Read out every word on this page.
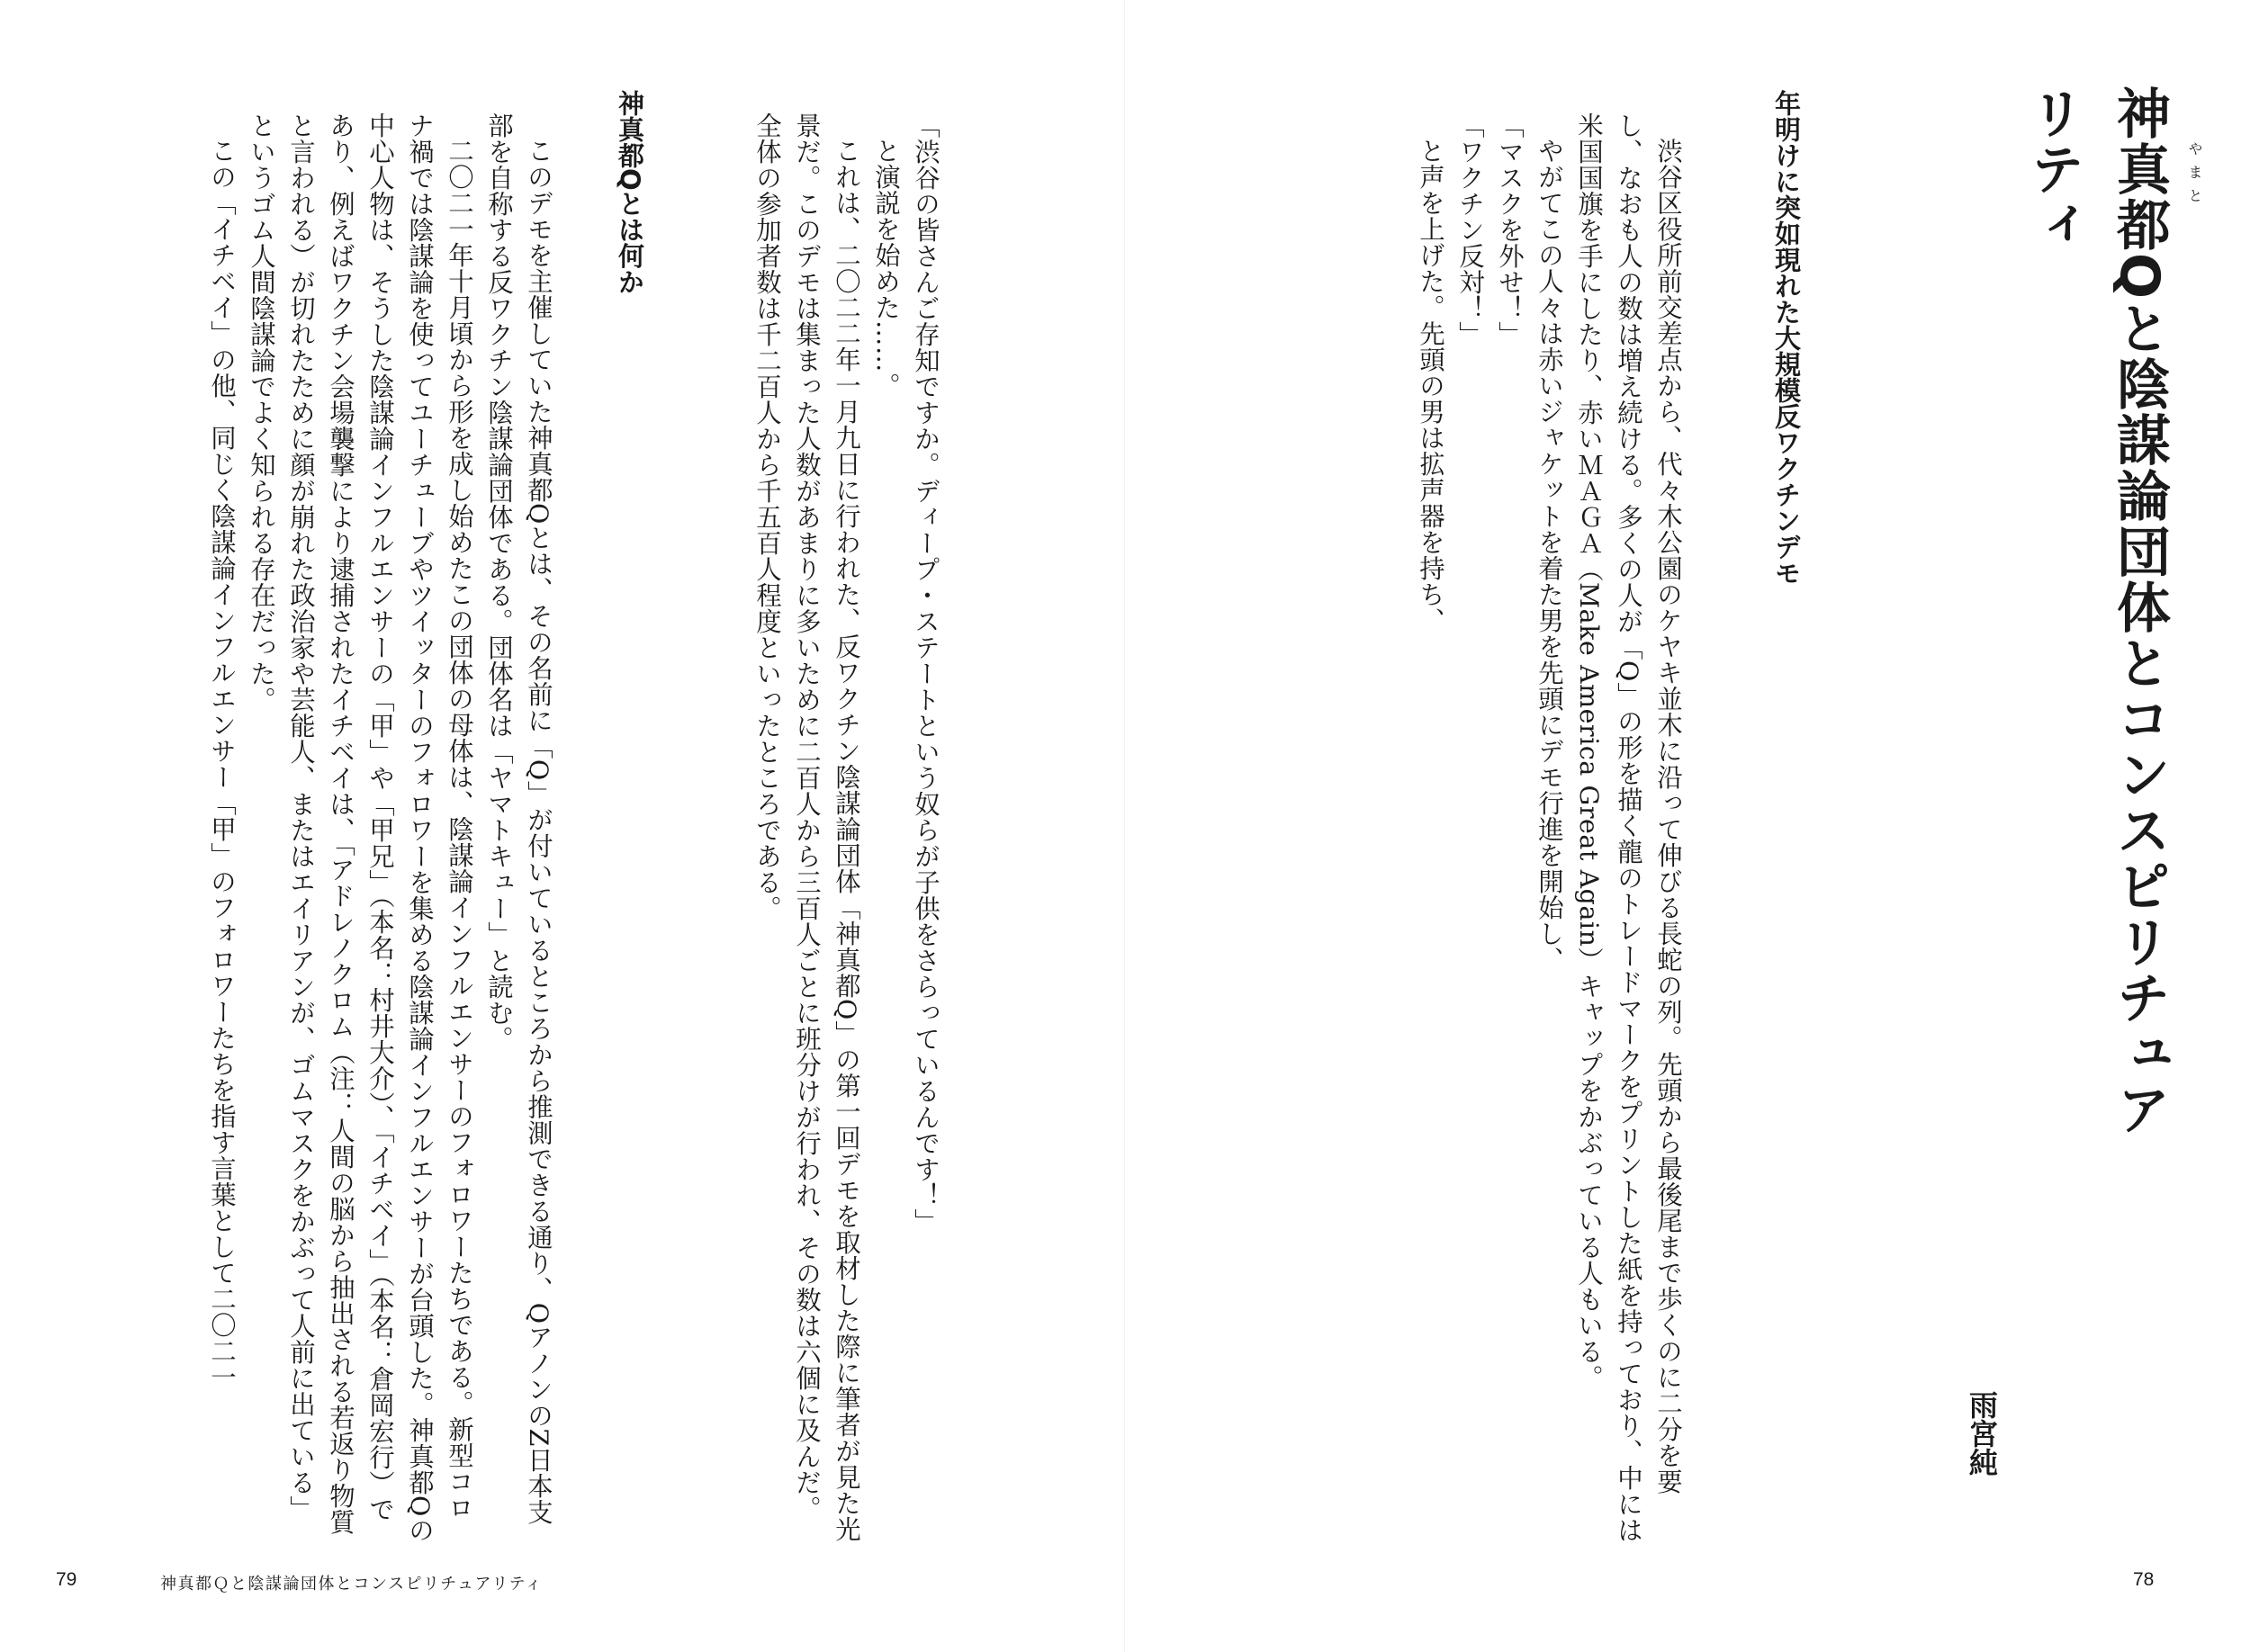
神真都 やまと
Qと陰謀論団体とコンスピリチュアリティ
雨宮純
年明けに突如現れた大規模反ワクチンデモ

渋谷区役所前交差点から、代々木公園のケヤキ並木に沿って伸びる長蛇の列。先頭から最後尾まで歩くのに二分を要し、なおも人の数は増え続ける。多くの人が「Q」の形を描く龍のトレードマークをプリントした紙を持っており、中には米国国旗を手にしたり、赤いＭＡＧＡ（Make America Great Again）キャップをかぶっている人もいる。

やがてこの人々は赤いジャケットを着た男を先頭にデモ行進を開始し、

「マスクを外せ！」

「ワクチン反対！」

と声を上げた。先頭の男は拡声器を持ち、

78

「渋谷の皆さんご存知ですか。ディープ・ステートという奴らが子供をさらっているんです！」

と演説を始めた……。

これは、二〇二二年一月九日に行われた、反ワクチン陰謀論団体「神真都Q」の第一回デモを取材した際に筆者が見た光景だ。このデモは集まった人数があまりに多いために二百人から三百人ごとに班分けが行われ、その数は六個に及んだ。全体の参加者数は千二百人から千五百人程度といったところである。

神真都Qとは何か

このデモを主催していた神真都Qとは、その名前に「Q」が付いているところから推測できる通り、QアノンのZ日本支部を自称する反ワクチン陰謀論団体である。団体名は「ヤマトキュー」と読む。

二〇二一年十月頃から形を成し始めたこの団体の母体は、陰謀論インフルエンサーのフォロワーたちである。新型コロナ禍では陰謀論を使ってユーチューブやツイッターのフォロワーを集める陰謀論インフルエンサーが台頭した。神真都Qの中心人物は、そうした陰謀論インフルエンサーの「甲」や「甲兄」（本名：村井大介）、「イチベイ」（本名：倉岡宏行）であり、例えばワクチン会場襲撃により逮捕されたイチベイは、「アドレノクロム（注：人間の脳から抽出される若返り物質と言われる）が切れたために顔が崩れた政治家や芸能人、またはエイリアンが、ゴムマスクをかぶって人前に出ている」というゴム人間陰謀論でよく知られる存在だった。

この「イチベイ」の他、同じく陰謀論インフルエンサー「甲」のフォロワーたちを指す言葉として二〇二一

79	神真都Ｑと陰謀論団体とコンスピリチュアリティ
